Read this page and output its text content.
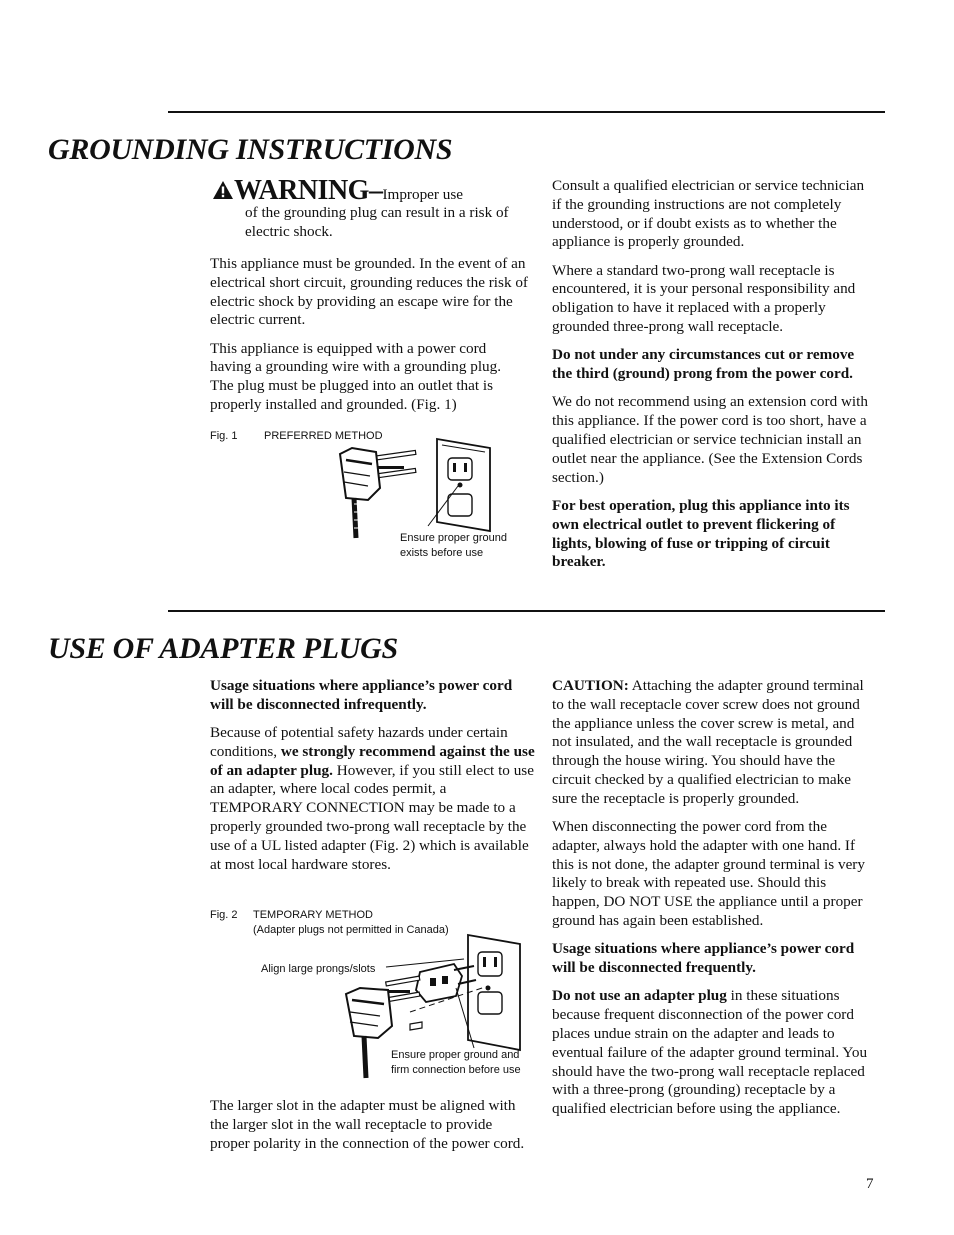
GROUNDING INSTRUCTIONS
WARNING–Improper use
of the grounding plug can result in a risk of electric shock.

This appliance must be grounded. In the event of an electrical short circuit, grounding reduces the risk of electric shock by providing an escape wire for the electric current.

This appliance is equipped with a power cord having a grounding wire with a grounding plug. The plug must be plugged into an outlet that is properly installed and grounded. (Fig. 1)

Fig. 1 PREFERRED METHOD
Ensure proper ground
exists before use

Consult a qualified electrician or service technician if the grounding instructions are not completely understood, or if doubt exists as to whether the appliance is properly grounded.

Where a standard two-prong wall receptacle is encountered, it is your personal responsibility and obligation to have it replaced with a properly grounded three-prong wall receptacle.

Do not under any circumstances cut or remove the third (ground) prong from the power cord.

We do not recommend using an extension cord with this appliance. If the power cord is too short, have a qualified electrician or service technician install an outlet near the appliance. (See the Extension Cords section.)

For best operation, plug this appliance into its own electrical outlet to prevent flickering of lights, blowing of fuse or tripping of circuit breaker.

USE OF ADAPTER PLUGS

Usage situations where appliance’s power cord will be disconnected infrequently.

Because of potential safety hazards under certain conditions, we strongly recommend against the use of an adapter plug. However, if you still elect to use an adapter, where local codes permit, a TEMPORARY CONNECTION may be made to a properly grounded two-prong wall receptacle by the use of a UL listed adapter (Fig. 2) which is available at most local hardware stores.

Fig. 2 TEMPORARY METHOD
(Adapter plugs not permitted in Canada)
Align large prongs/slots
Ensure proper ground and
firm connection before use

The larger slot in the adapter must be aligned with the larger slot in the wall receptacle to provide proper polarity in the connection of the power cord.

CAUTION: Attaching the adapter ground terminal to the wall receptacle cover screw does not ground the appliance unless the cover screw is metal, and not insulated, and the wall receptacle is grounded through the house wiring. You should have the circuit checked by a qualified electrician to make sure the receptacle is properly grounded.

When disconnecting the power cord from the adapter, always hold the adapter with one hand. If this is not done, the adapter ground terminal is very likely to break with repeated use. Should this happen, DO NOT USE the appliance until a proper ground has again been established.

Usage situations where appliance’s power cord will be disconnected frequently.

Do not use an adapter plug in these situations because frequent disconnection of the power cord places undue strain on the adapter and leads to eventual failure of the adapter ground terminal. You should have the two-prong wall receptacle replaced with a three-prong (grounding) receptacle by a qualified electrician before using the appliance.

7
